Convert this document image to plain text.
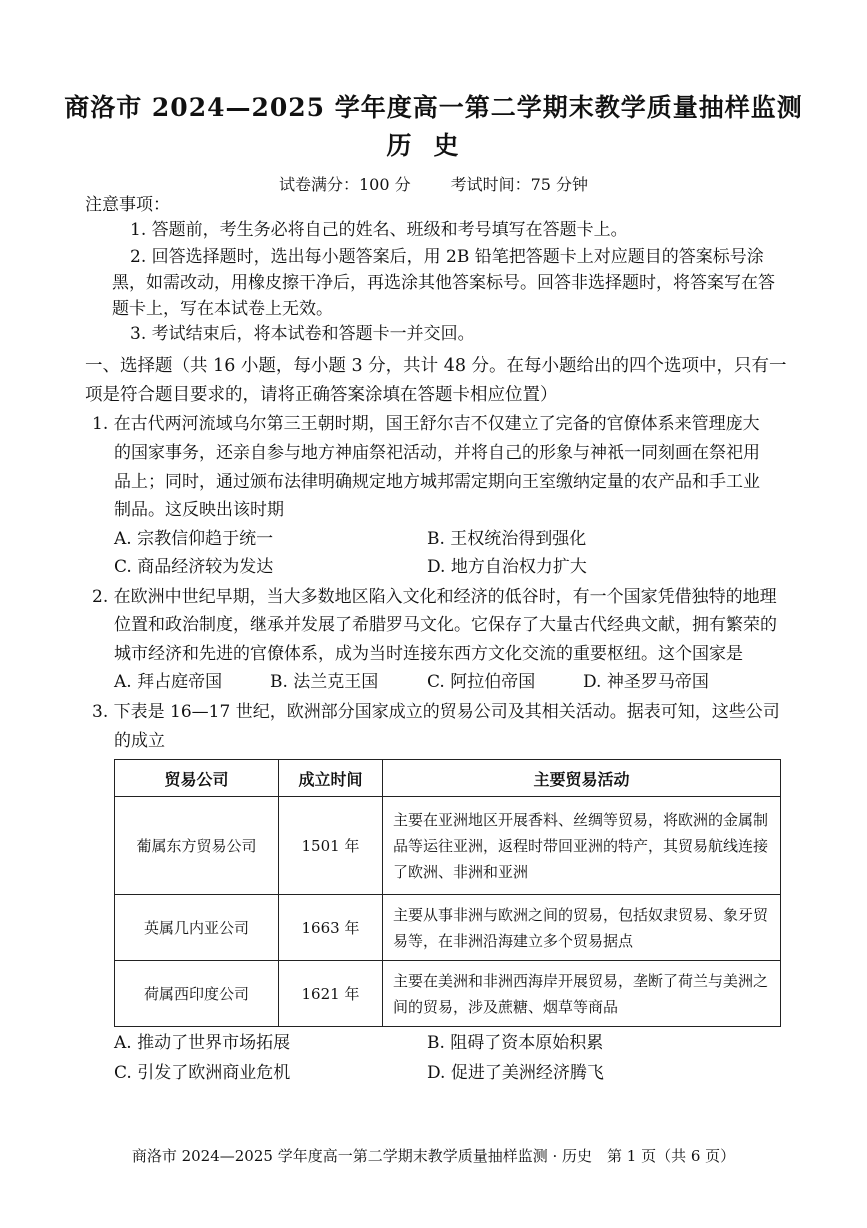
商洛市 2024—2025 学年度高一第二学期末教学质量抽样监测
历史
试卷满分：100 分	考试时间：75 分钟
注意事项：
1. 答题前，考生务必将自己的姓名、班级和考号填写在答题卡上。
2. 回答选择题时，选出每小题答案后，用 2B 铅笔把答题卡上对应题目的答案标号涂
黑，如需改动，用橡皮擦干净后，再选涂其他答案标号。回答非选择题时，将答案写在答
题卡上，写在本试卷上无效。
3. 考试结束后，将本试卷和答题卡一并交回。
一、选择题（共 16 小题，每小题 3 分，共计 48 分。在每小题给出的四个选项中，只有一
项是符合题目要求的，请将正确答案涂填在答题卡相应位置）
1. 在古代两河流域乌尔第三王朝时期，国王舒尔吉不仅建立了完备的官僚体系来管理庞大
的国家事务，还亲自参与地方神庙祭祀活动，并将自己的形象与神祇一同刻画在祭祀用
品上；同时，通过颁布法律明确规定地方城邦需定期向王室缴纳定量的农产品和手工业
制品。这反映出该时期
A. 宗教信仰趋于统一	B. 王权统治得到强化
C. 商品经济较为发达	D. 地方自治权力扩大
2. 在欧洲中世纪早期，当大多数地区陷入文化和经济的低谷时，有一个国家凭借独特的地理
位置和政治制度，继承并发展了希腊罗马文化。它保存了大量古代经典文献，拥有繁荣的
城市经济和先进的官僚体系，成为当时连接东西方文化交流的重要枢纽。这个国家是
A. 拜占庭帝国	B. 法兰克王国	C. 阿拉伯帝国	D. 神圣罗马帝国
3. 下表是 16—17 世纪，欧洲部分国家成立的贸易公司及其相关活动。据表可知，这些公司
的成立
贸易公司	成立时间	主要贸易活动
葡属东方贸易公司	1501 年	主要在亚洲地区开展香料、丝绸等贸易，将欧洲的金属制品等运往亚洲，返程时带回亚洲的特产，其贸易航线连接了欧洲、非洲和亚洲
英属几内亚公司	1663 年	主要从事非洲与欧洲之间的贸易，包括奴隶贸易、象牙贸易等，在非洲沿海建立多个贸易据点
荷属西印度公司	1621 年	主要在美洲和非洲西海岸开展贸易，垄断了荷兰与美洲之间的贸易，涉及蔗糖、烟草等商品
A. 推动了世界市场拓展	B. 阻碍了资本原始积累
C. 引发了欧洲商业危机	D. 促进了美洲经济腾飞
商洛市 2024—2025 学年度高一第二学期末教学质量抽样监测 · 历史　第 1 页（共 6 页）
